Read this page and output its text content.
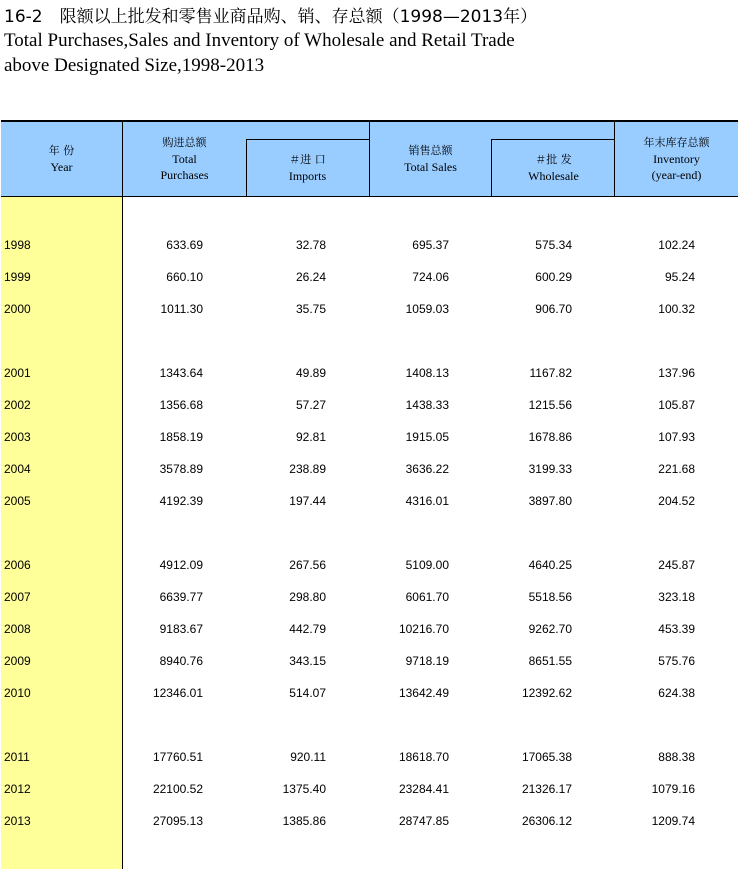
16-2　限额以上批发和零售业商品购、销、存总额（1998—2013年）
Total Purchases,Sales and Inventory of Wholesale and Retail Trade
above Designated Size,1998-2013
年 份
Year
购进总额
Total
Purchases
＃进 口
Imports
销售总额
Total Sales
＃批 发
Wholesale
年末库存总额
Inventory
(year-end)
1998	633.69	32.78	695.37	575.34	102.24
1999	660.10	26.24	724.06	600.29	95.24
2000	1011.30	35.75	1059.03	906.70	100.32
2001	1343.64	49.89	1408.13	1167.82	137.96
2002	1356.68	57.27	1438.33	1215.56	105.87
2003	1858.19	92.81	1915.05	1678.86	107.93
2004	3578.89	238.89	3636.22	3199.33	221.68
2005	4192.39	197.44	4316.01	3897.80	204.52
2006	4912.09	267.56	5109.00	4640.25	245.87
2007	6639.77	298.80	6061.70	5518.56	323.18
2008	9183.67	442.79	10216.70	9262.70	453.39
2009	8940.76	343.15	9718.19	8651.55	575.76
2010	12346.01	514.07	13642.49	12392.62	624.38
2011	17760.51	920.11	18618.70	17065.38	888.38
2012	22100.52	1375.40	23284.41	21326.17	1079.16
2013	27095.13	1385.86	28747.85	26306.12	1209.74
